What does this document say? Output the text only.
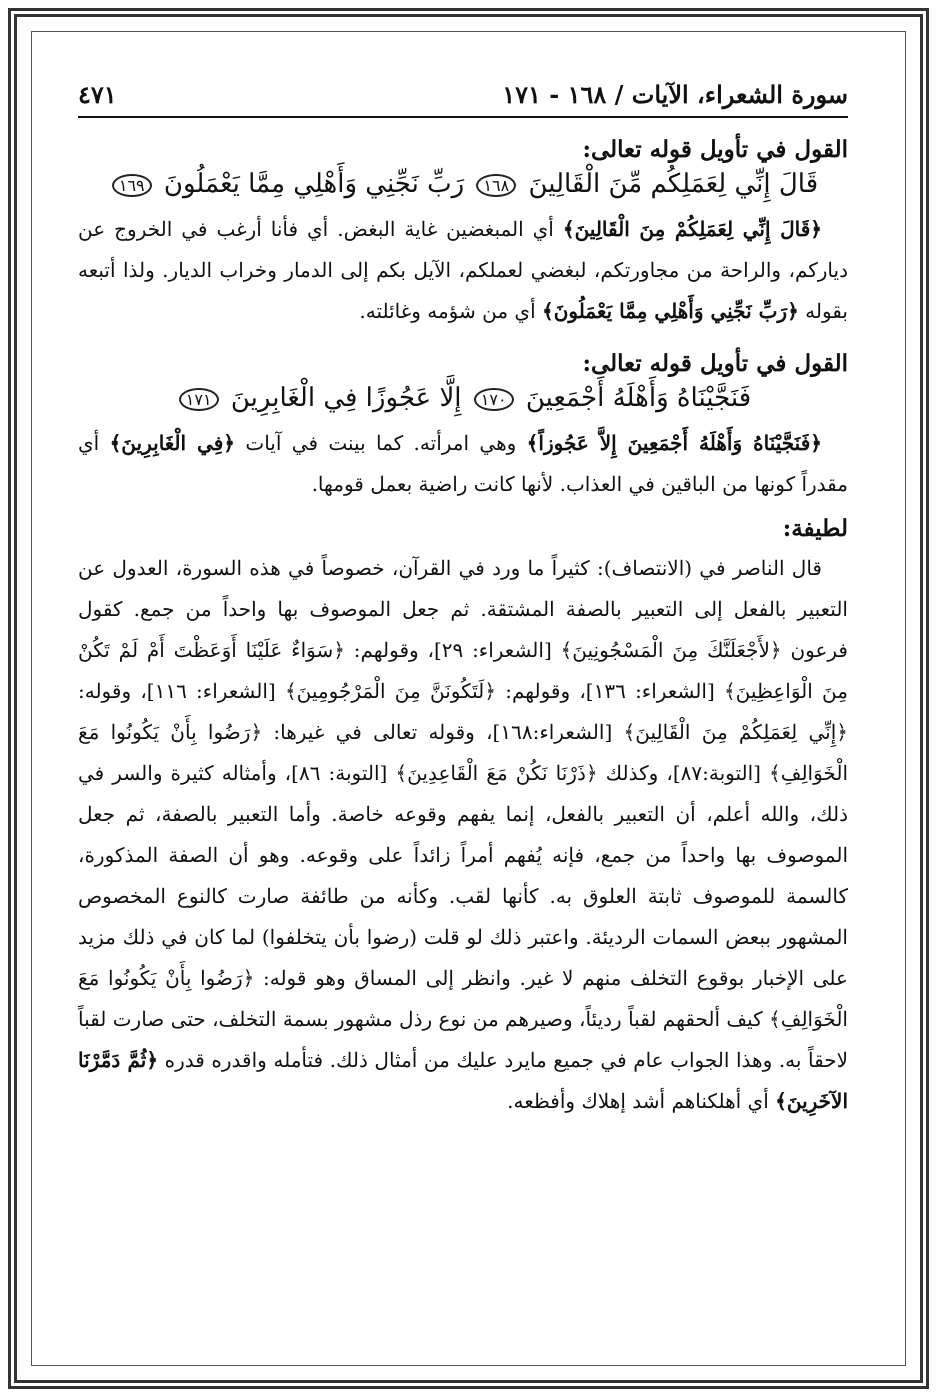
سورة الشعراء، الآيات / ١٦٨ - ١٧١
٤٧١
القول في تأويل قوله تعالى:
قَالَ إِنِّي لِعَمَلِكُم مِّنَ الْقَالِينَ ١٦٨ رَبِّ نَجِّنِي وَأَهْلِي مِمَّا يَعْمَلُونَ ١٦٩

﴿قَالَ إِنِّي لِعَمَلِكُمْ مِنَ الْقَالِينَ﴾ أي المبغضين غاية البغض. أي فأنا أرغب في الخروج عن دياركم، والراحة من مجاورتكم، لبغضي لعملكم، الآيل بكم إلى الدمار وخراب الديار. ولذا أتبعه بقوله ﴿رَبِّ نَجِّنِي وَأَهْلِي مِمَّا يَعْمَلُونَ﴾ أي من شؤمه وغائلته.

القول في تأويل قوله تعالى:
فَنَجَّيْنَاهُ وَأَهْلَهُ أَجْمَعِينَ ١٧٠ إِلَّا عَجُوزًا فِي الْغَابِرِينَ ١٧١

﴿فَنَجَّيْنَاهُ وَأَهْلَهُ أَجْمَعِينَ إِلاَّ عَجُوزاً﴾ وهي امرأته. كما بينت في آيات ﴿فِي الْغَابِرِينَ﴾ أي مقدراً كونها من الباقين في العذاب. لأنها كانت راضية بعمل قومها.

لطيفة:

قال الناصر في (الانتصاف): كثيراً ما ورد في القرآن، خصوصاً في هذه السورة، العدول عن التعبير بالفعل إلى التعبير بالصفة المشتقة. ثم جعل الموصوف بها واحداً من جمع. كقول فرعون ﴿لأَجْعَلَنَّكَ مِنَ الْمَسْجُونِينَ﴾ [الشعراء: ٢٩]، وقولهم: ﴿سَوَاءٌ عَلَيْنَا أَوَعَظْتَ أَمْ لَمْ تَكُنْ مِنَ الْوَاعِظِينَ﴾ [الشعراء: ١٣٦]، وقولهم: ﴿لَتَكُونَنَّ مِنَ الْمَرْجُومِينَ﴾ [الشعراء: ١١٦]، وقوله: ﴿إِنِّي لِعَمَلِكُمْ مِنَ الْقَالِينَ﴾ [الشعراء:١٦٨]، وقوله تعالى في غيرها: ﴿رَضُوا بِأَنْ يَكُونُوا مَعَ الْخَوَالِفِ﴾ [التوبة:٨٧]، وكذلك ﴿ذَرْنَا نَكُنْ مَعَ الْقَاعِدِينَ﴾ [التوبة: ٨٦]، وأمثاله كثيرة والسر في ذلك، والله أعلم، أن التعبير بالفعل، إنما يفهم وقوعه خاصة. وأما التعبير بالصفة، ثم جعل الموصوف بها واحداً من جمع، فإنه يُفهم أمراً زائداً على وقوعه. وهو أن الصفة المذكورة، كالسمة للموصوف ثابتة العلوق به. كأنها لقب. وكأنه من طائفة صارت كالنوع المخصوص المشهور ببعض السمات الرديئة. واعتبر ذلك لو قلت (رضوا بأن يتخلفوا) لما كان في ذلك مزيد على الإخبار بوقوع التخلف منهم لا غير. وانظر إلى المساق وهو قوله: ﴿رَضُوا بِأَنْ يَكُونُوا مَعَ الْخَوَالِفِ﴾ كيف ألحقهم لقباً رديئاً، وصيرهم من نوع رذل مشهور بسمة التخلف، حتى صارت لقباً لاحقاً به. وهذا الجواب عام في جميع مايرد عليك من أمثال ذلك. فتأمله واقدره قدره ﴿ثُمَّ دَمَّرْنَا الآخَرِينَ﴾ أي أهلكناهم أشد إهلاك وأفظعه.
